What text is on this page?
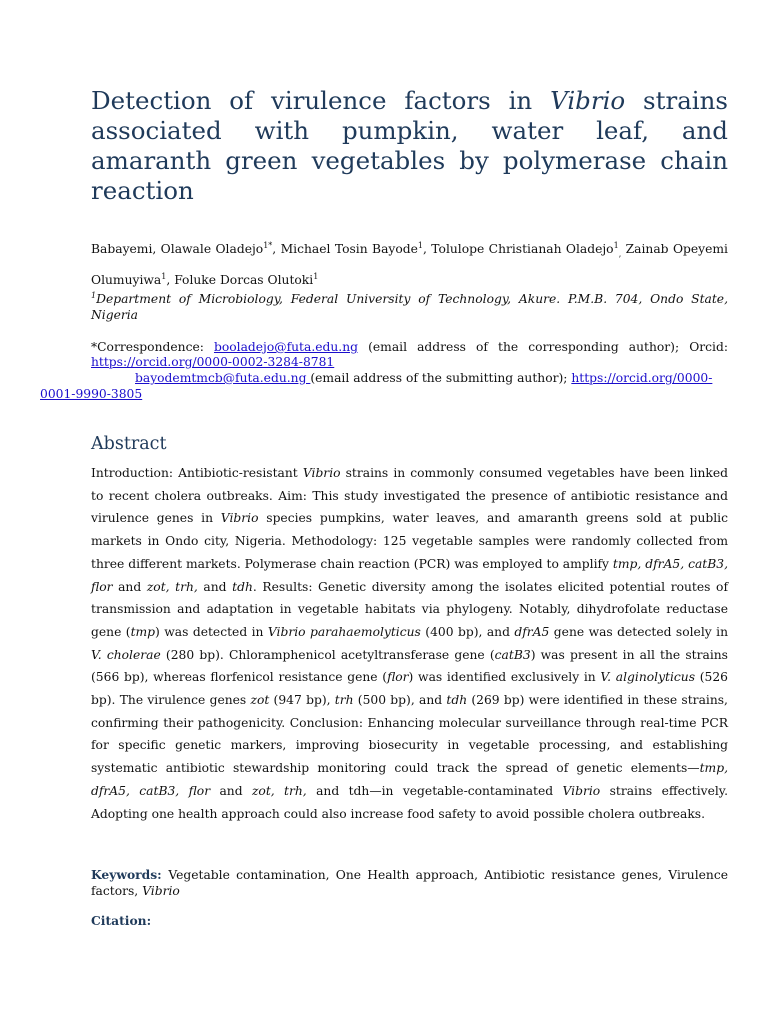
Detection of virulence factors in Vibrio strains associated with pumpkin, water leaf, and amaranth green vegetables by polymerase chain reaction

Babayemi, Olawale Oladejo$^{1*}$, Michael Tosin Bayode$^1$, Tolulope Christianah Oladejo$^1_,$ Zainab Opeyemi Olumuyiwa$^1$, Foluke Dorcas Olutoki$^1$

$^1$Department of Microbiology, Federal University of Technology, Akure. P.M.B. 704, Ondo State, Nigeria

*Correspondence: booladejo@futa.edu.ng (email address of the corresponding author); Orcid: https://orcid.org/0000-0002-3284-8781

bayodemtmcb@futa.edu.ng (email address of the submitting author); https://orcid.org/0000-0001-9990-3805

Abstract

Introduction: Antibiotic-resistant Vibrio strains in commonly consumed vegetables have been linked to recent cholera outbreaks. Aim: This study investigated the presence of antibiotic resistance and virulence genes in Vibrio species pumpkins, water leaves, and amaranth greens sold at public markets in Ondo city, Nigeria. Methodology: 125 vegetable samples were randomly collected from three different markets. Polymerase chain reaction (PCR) was employed to amplify tmp, dfrA5, catB3, flor and zot, trh, and tdh. Results: Genetic diversity among the isolates elicited potential routes of transmission and adaptation in vegetable habitats via phylogeny. Notably, dihydrofolate reductase gene (tmp) was detected in Vibrio parahaemolyticus (400 bp), and dfrA5 gene was detected solely in V. cholerae (280 bp). Chloramphenicol acetyltransferase gene (catB3) was present in all the strains (566 bp), whereas florfenicol resistance gene (flor) was identified exclusively in V. alginolyticus (526 bp). The virulence genes zot (947 bp), trh (500 bp), and tdh (269 bp) were identified in these strains, confirming their pathogenicity. Conclusion: Enhancing molecular surveillance through real-time PCR for specific genetic markers, improving biosecurity in vegetable processing, and establishing systematic antibiotic stewardship monitoring could track the spread of genetic elements—tmp, dfrA5, catB3, flor and zot, trh, and tdh—in vegetable-contaminated Vibrio strains effectively. Adopting one health approach could also increase food safety to avoid possible cholera outbreaks.

Keywords: Vegetable contamination, One Health approach, Antibiotic resistance genes, Virulence factors, Vibrio

Citation:
